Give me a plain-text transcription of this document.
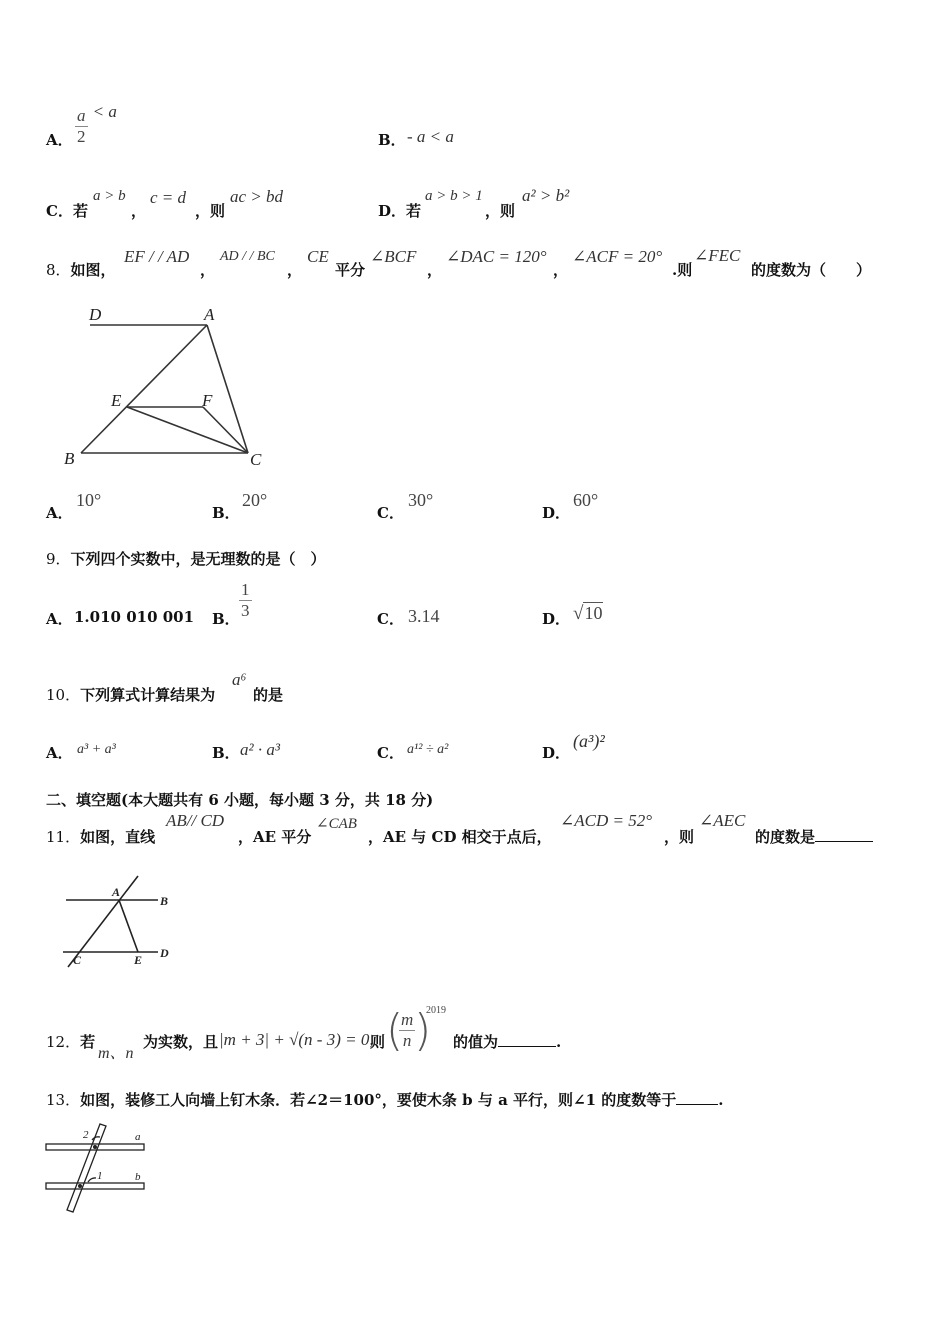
A． $\frac{a}{2} < a$
B． - a < a
C．若
a > b
，
c = d
，则
ac > bd
D．若
a > b > 1
，则
a² > b²
8．如图，
EF / / AD
，
AD / / BC
，
CE
平分
∠BCF
，
∠DAC = 120°
，
∠ACF = 20°
.则
∠FEC
的度数为（　　）
D	A
E	F
B	C
A．
10°
B．
20°
C．
30°
D．
60°
9．下列四个实数中，是无理数的是（　）
A． 1.010 010 001 B． $\frac{1}{3}$	C． 3.14	D． √10
10．下列算式计算结果为
a⁶
的是
A． a³ + a³	B． a² · a³	C． a¹² ÷ a²	D．
(a³)²
二、填空题(本大题共有 6 小题，每小题 3 分，共 18 分)
11．如图，直线
AB// CD
，AE 平分
∠CAB
，AE 与 CD 相交于点后，
∠ACD = 52°
，则
∠AEC
的度数是
A
B
C	E D
12．若
m、n
为实数，且 |m + 3| + √(n - 3) = 0,
则 (
$\frac{m}{n}$
)
2019
的值为	.
13．如图，装修工人向墙上钉木条．若∠2＝100°，要使木条 b 与 a 平行，则∠1 的度数等于	.
2	a
1	b
